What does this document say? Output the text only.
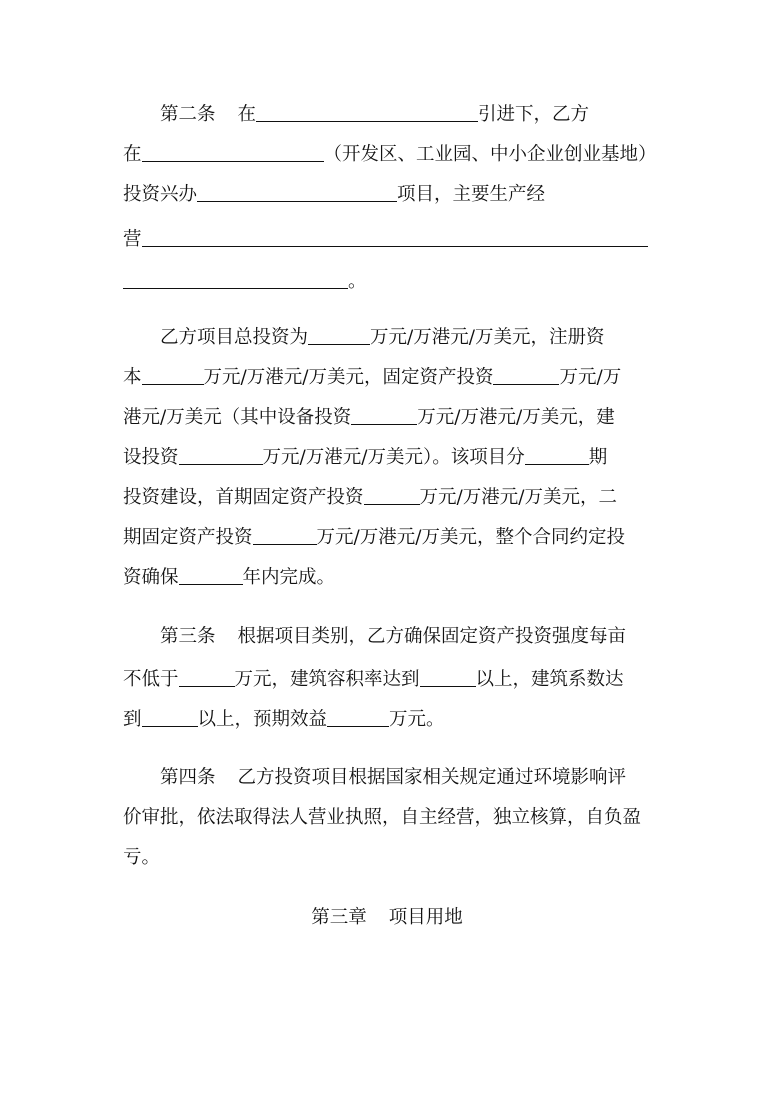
第二条 在	引进下，乙方
在	（开发区、工业园、中小企业创业基地）
投资兴办	项目，主要生产经
营
。
乙方项目总投资为	万元/万港元/万美元，注册资
本	万元/万港元/万美元，固定资产投资	万元/万
港元/万美元（其中设备投资	万元/万港元/万美元，建
设投资	万元/万港元/万美元）。该项目分	期
投资建设，首期固定资产投资	万元/万港元/万美元，二
期固定资产投资	万元/万港元/万美元，整个合同约定投
资确保	年内完成。
第三条 根据项目类别，乙方确保固定资产投资强度每亩
不低于	万元，建筑容积率达到	以上，建筑系数达
到	以上，预期效益	万元。
第四条 乙方投资项目根据国家相关规定通过环境影响评
价审批，依法取得法人营业执照，自主经营，独立核算，自负盈
亏。
第三章 项目用地
